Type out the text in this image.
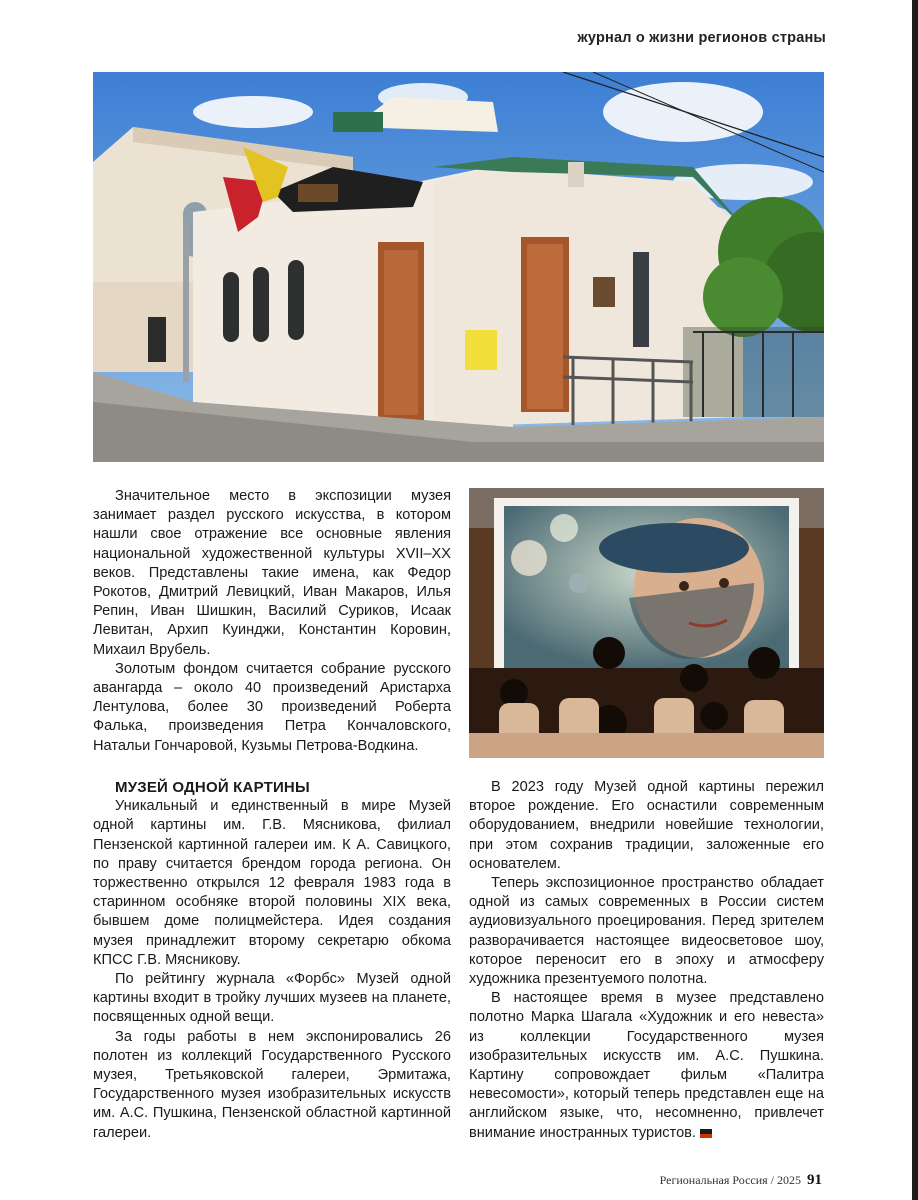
журнал о жизни регионов страны

Значительное место в экспозиции музея занимает раздел русского искусства, в котором нашли свое отражение все основные явления национальной художественной культуры XVII–XX веков. Представлены такие имена, как Федор Рокотов, Дмитрий Левицкий, Иван Макаров, Илья Репин, Иван Шишкин, Василий Суриков, Исаак Левитан, Архип Куинджи, Константин Коровин, Михаил Врубель.

Золотым фондом считается собрание русского авангарда – около 40 произведений Аристарха Лентулова, более 30 произведений Роберта Фалька, произведения Петра Кончаловского, Натальи Гончаровой, Кузьмы Петрова-Водкина.

МУЗЕЙ ОДНОЙ КАРТИНЫ

Уникальный и единственный в мире Музей одной картины им. Г.В. Мясникова, филиал Пензенской картинной галереи им. К А. Савицкого, по праву считается брендом города региона. Он торжественно открылся 12 февраля 1983 года в старинном особняке второй половины XIX века, бывшем доме полицмейстера. Идея создания музея принадлежит второму секретарю обкома КПСС Г.В. Мясникову.

По рейтингу журнала «Форбс» Музей одной картины входит в тройку лучших музеев на планете, посвященных одной вещи.

За годы работы в нем экспонировались 26 полотен из коллекций Государственного Русского музея, Третьяковской галереи, Эрмитажа, Государственного музея изобразительных искусств им. А.С. Пушкина, Пензенской областной картинной галереи.

В 2023 году Музей одной картины пережил второе рождение. Его оснастили современным оборудованием, внедрили новейшие технологии, при этом сохранив традиции, заложенные его основателем.

Теперь экспозиционное пространство обладает одной из самых современных в России систем аудиовизуального проецирования. Перед зрителем разворачивается настоящее видеосветовое шоу, которое переносит его в эпоху и атмосферу художника презентуемого полотна.

В настоящее время в музее представлено полотно Марка Шагала «Художник и его невеста» из коллекции Государственного музея изобразительных искусств им. А.С. Пушкина. Картину сопровождает фильм «Палитра невесомости», который теперь представлен еще на английском языке, что, несомненно, привлечет внимание иностранных туристов.

Региональная Россия / 2025 91
